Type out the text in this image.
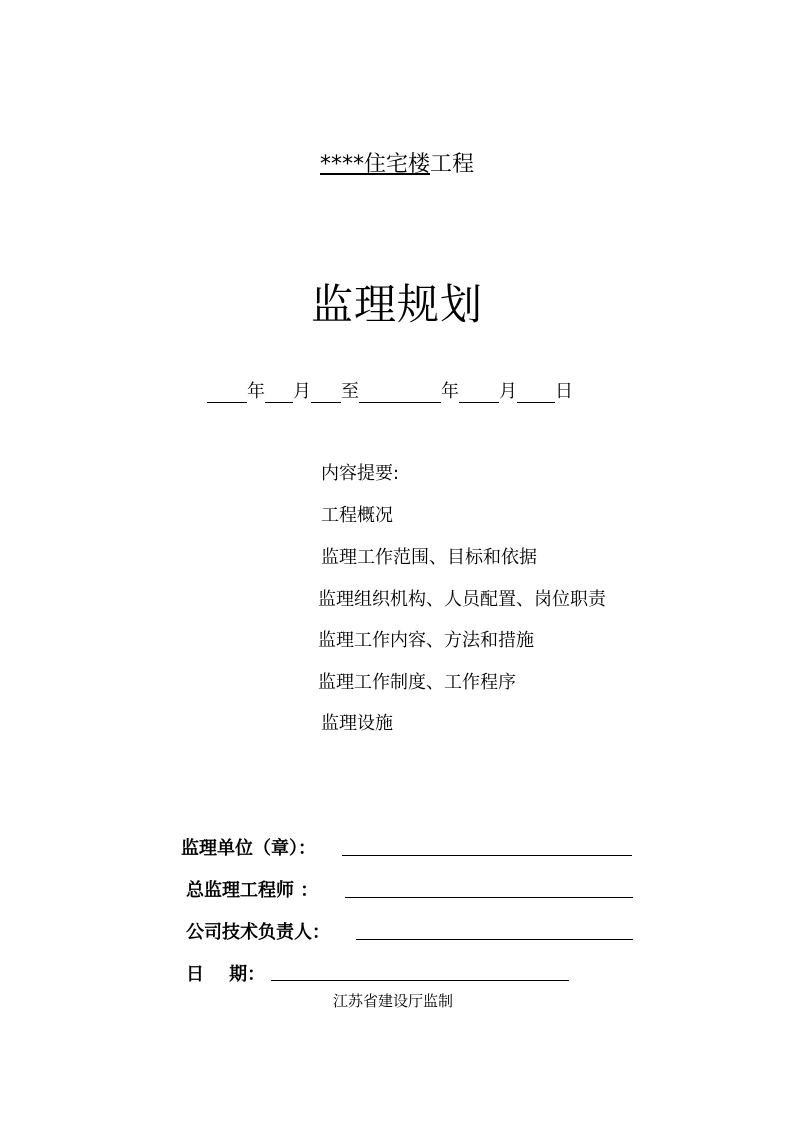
****住宅楼工程
监理规划
年 月 至	年 月 日
内容提要:
工程概况
监理工作范围、目标和依据
监理组织机构、人员配置、岗位职责
监理工作内容、方法和措施
监理工作制度、工作程序
监理设施
监理单位（章）：
总监理工程师 ：
公司技术负责人：
日    期：
江苏省建设厅监制
